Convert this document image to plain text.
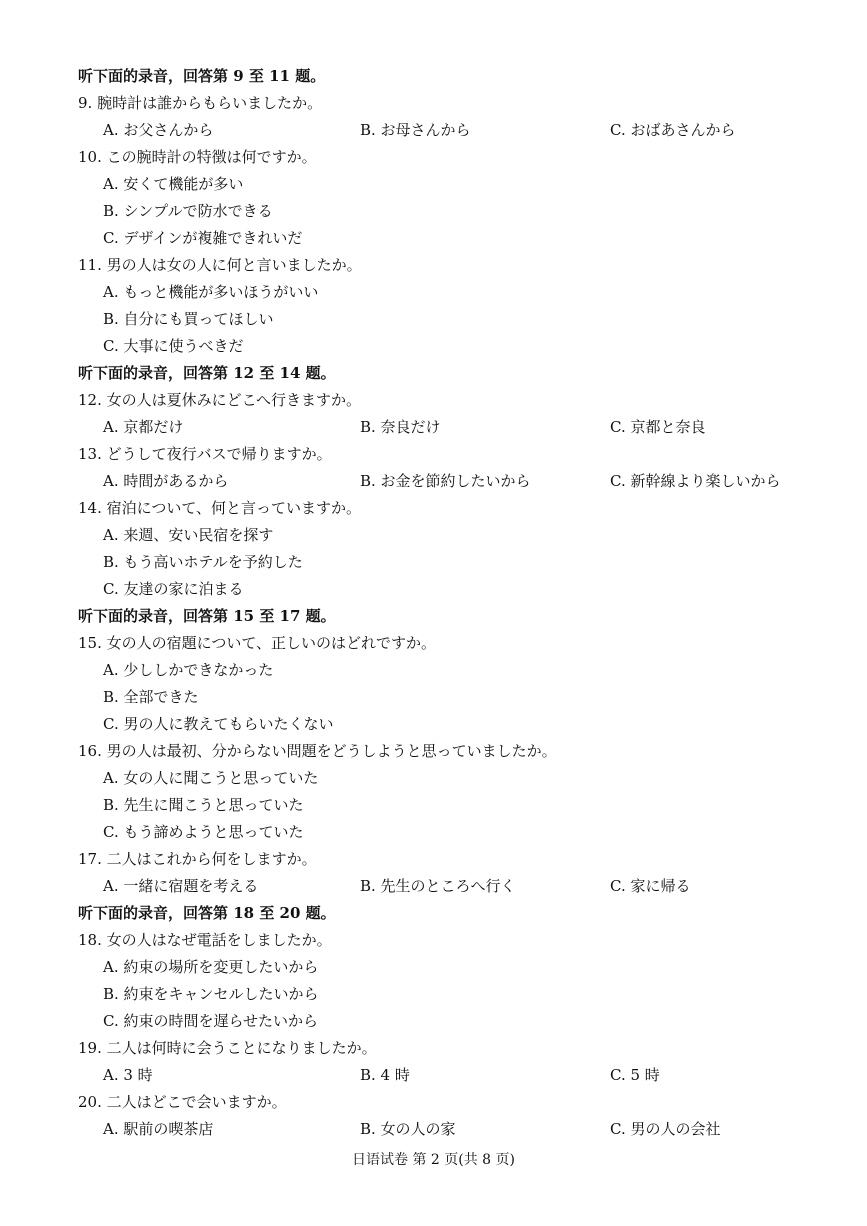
听下面的录音，回答第 9 至 11 题。
9. 腕時計は誰からもらいましたか。
A. お父さんから	B. お母さんから	C. おばあさんから
10. この腕時計の特徴は何ですか。
A. 安くて機能が多い
B. シンプルで防水できる
C. デザインが複雑できれいだ
11. 男の人は女の人に何と言いましたか。
A. もっと機能が多いほうがいい
B. 自分にも買ってほしい
C. 大事に使うべきだ
听下面的录音，回答第 12 至 14 题。
12. 女の人は夏休みにどこへ行きますか。
A. 京都だけ	B. 奈良だけ	C. 京都と奈良
13. どうして夜行バスで帰りますか。
A. 時間があるから	B. お金を節約したいから	C. 新幹線より楽しいから
14. 宿泊について、何と言っていますか。
A. 来週、安い民宿を探す
B. もう高いホテルを予約した
C. 友達の家に泊まる
听下面的录音，回答第 15 至 17 题。
15. 女の人の宿題について、正しいのはどれですか。
A. 少ししかできなかった
B. 全部できた
C. 男の人に教えてもらいたくない
16. 男の人は最初、分からない問題をどうしようと思っていましたか。
A. 女の人に聞こうと思っていた
B. 先生に聞こうと思っていた
C. もう諦めようと思っていた
17. 二人はこれから何をしますか。
A. 一緒に宿題を考える	B. 先生のところへ行く	C. 家に帰る
听下面的录音，回答第 18 至 20 题。
18. 女の人はなぜ電話をしましたか。
A. 約束の場所を変更したいから
B. 約束をキャンセルしたいから
C. 約束の時間を遅らせたいから
19. 二人は何時に会うことになりましたか。
A. 3 時	B. 4 時	C. 5 時
20. 二人はどこで会いますか。
A. 駅前の喫茶店	B. 女の人の家	C. 男の人の会社
日语试卷 第 2 页(共 8 页)
